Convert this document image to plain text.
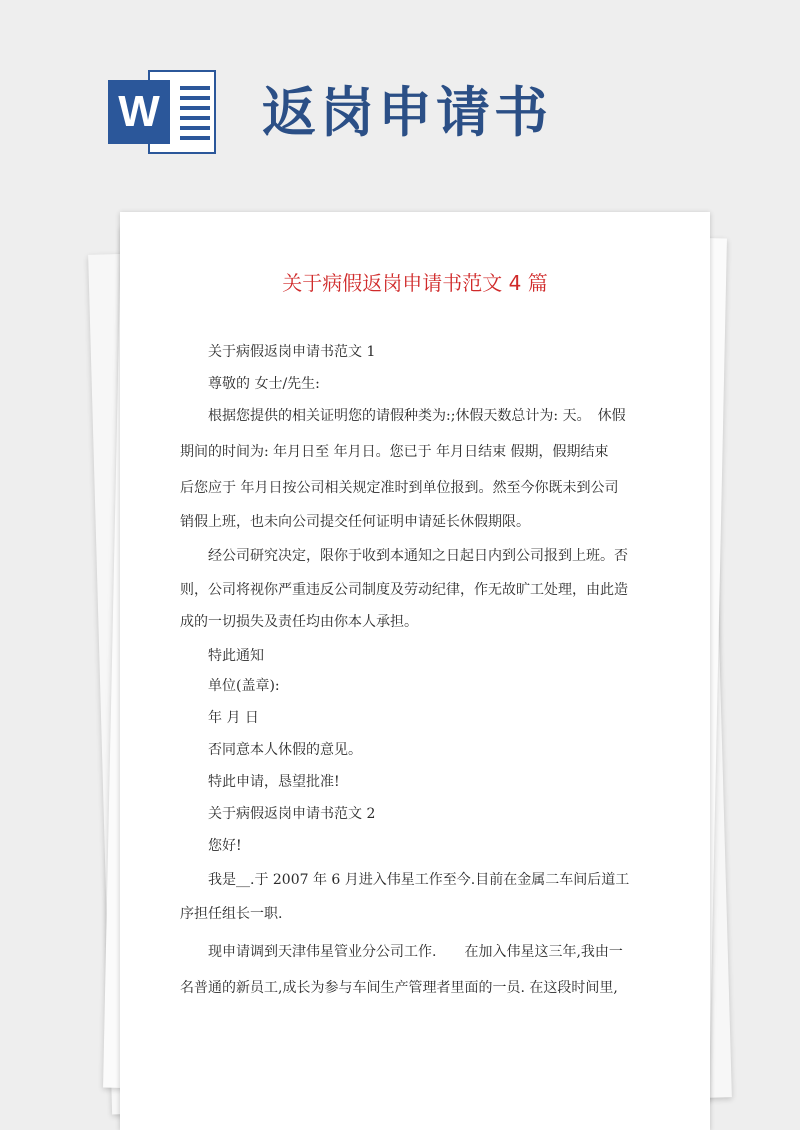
W 返岗申请书
关于病假返岗申请书范文 4 篇
关于病假返岗申请书范文 1
尊敬的 女士/先生:
根据您提供的相关证明您的请假种类为:;休假天数总计为: 天。　休假
期间的时间为: 年月日至 年月日。您已于 年月日结束 假期，假期结束
后您应于 年月日按公司相关规定准时到单位报到。然至今你既未到公司
销假上班，也未向公司提交任何证明申请延长休假期限。
经公司研究决定，限你于收到本通知之日起日内到公司报到上班。否
则，公司将视你严重违反公司制度及劳动纪律，作无故旷工处理，由此造
成的一切损失及责任均由你本人承担。
特此通知
单位(盖章):
年 月 日
否同意本人休假的意见。
特此申请，恳望批准!
关于病假返岗申请书范文 2
您好!
我是__.于 2007 年 6 月进入伟星工作至今.目前在金属二车间后道工
序担任组长一职.
现申请调到天津伟星管业分公司工作.　　在加入伟星这三年,我由一
名普通的新员工,成长为参与车间生产管理者里面的一员. 在这段时间里,
